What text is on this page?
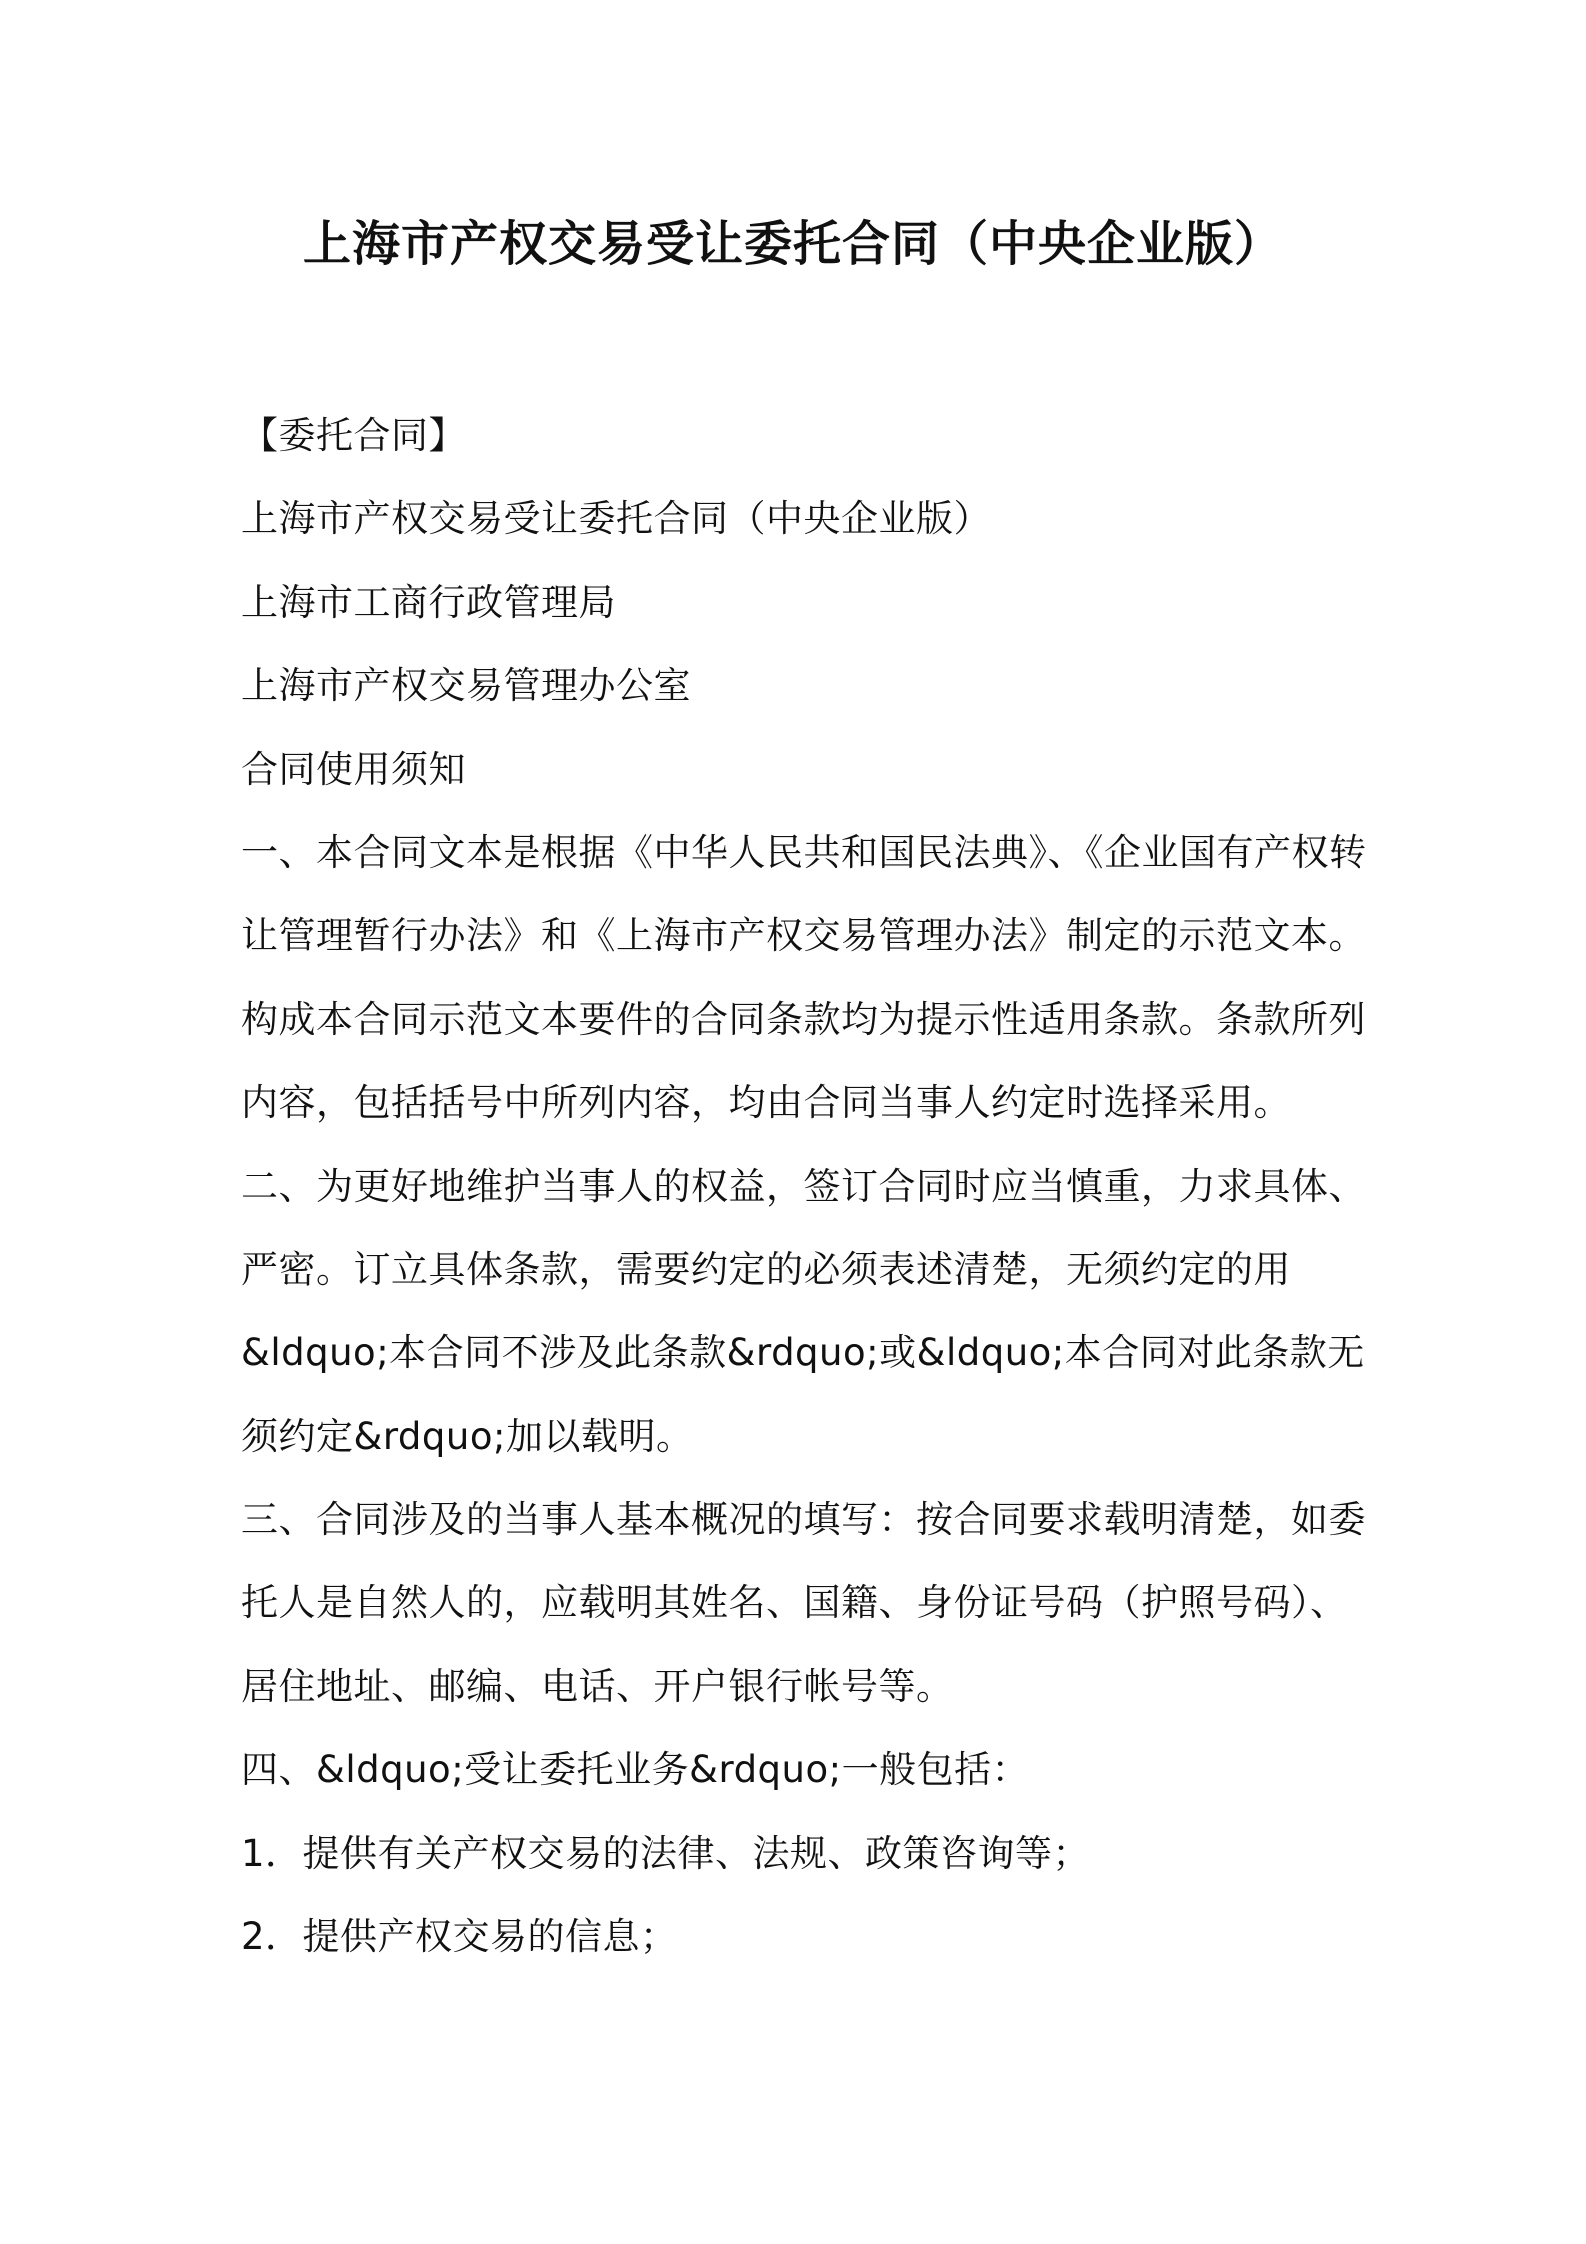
上海市产权交易受让委托合同（中央企业版）
【委托合同】
上海市产权交易受让委托合同（中央企业版）
上海市工商行政管理局
上海市产权交易管理办公室
合同使用须知
一、本合同文本是根据《中华人民共和国民法典》、《企业国有产权转
让管理暂行办法》和《上海市产权交易管理办法》制定的示范文本。
构成本合同示范文本要件的合同条款均为提示性适用条款。条款所列
内容，包括括号中所列内容，均由合同当事人约定时选择采用。
二、为更好地维护当事人的权益，签订合同时应当慎重，力求具体、
严密。订立具体条款，需要约定的必须表述清楚，无须约定的用
&ldquo;本合同不涉及此条款&rdquo;或&ldquo;本合同对此条款无
须约定&rdquo;加以载明。
三、合同涉及的当事人基本概况的填写：按合同要求载明清楚，如委
托人是自然人的，应载明其姓名、国籍、身份证号码（护照号码）、
居住地址、邮编、电话、开户银行帐号等。
四、&ldquo;受让委托业务&rdquo;一般包括：
1．提供有关产权交易的法律、法规、政策咨询等；
2．提供产权交易的信息；
